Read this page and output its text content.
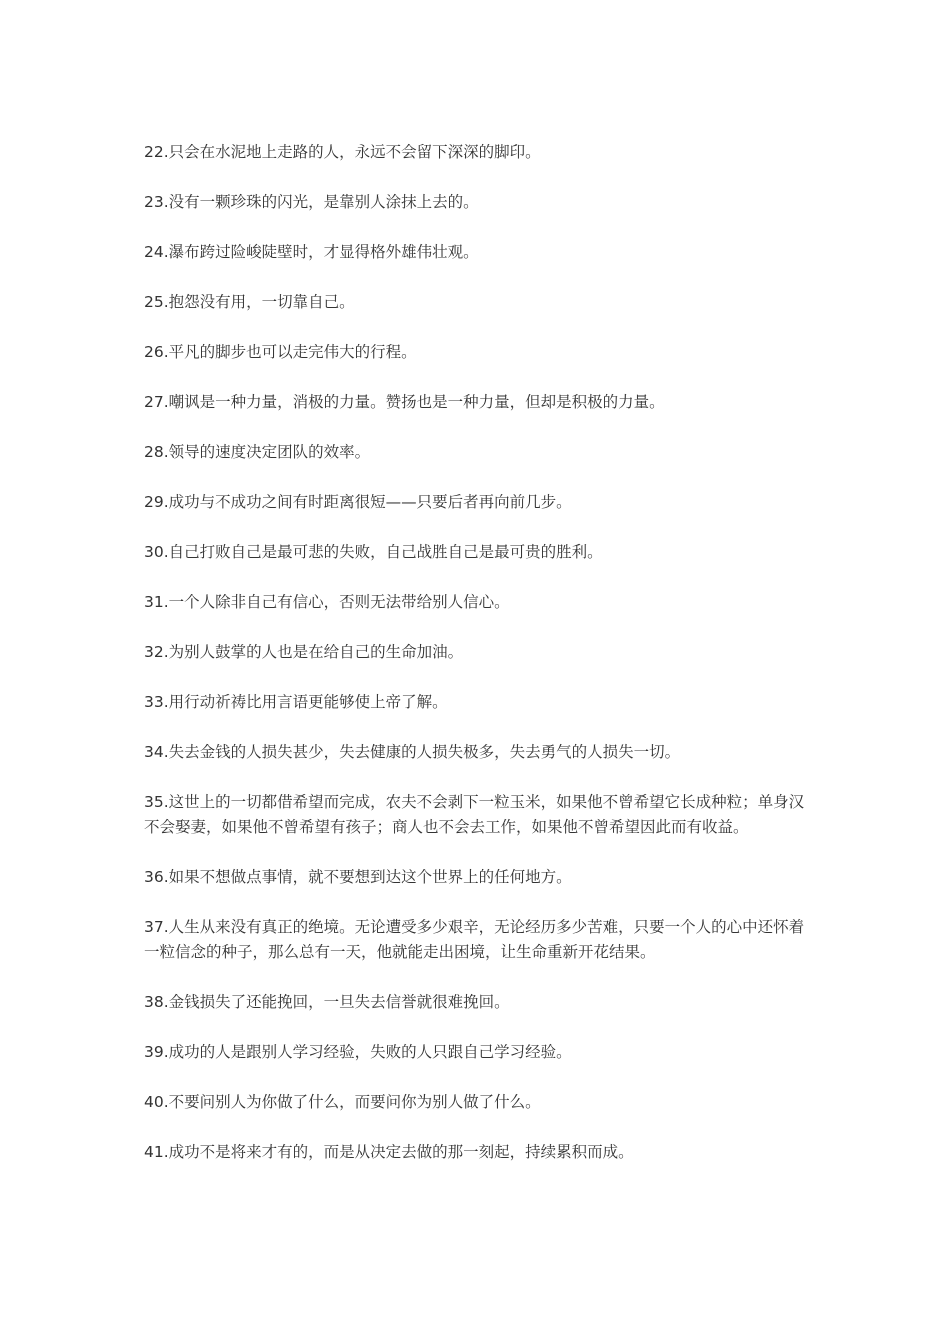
22.只会在水泥地上走路的人，永远不会留下深深的脚印。

23.没有一颗珍珠的闪光，是靠别人涂抹上去的。

24.瀑布跨过险峻陡壁时，才显得格外雄伟壮观。

25.抱怨没有用，一切靠自己。

26.平凡的脚步也可以走完伟大的行程。

27.嘲讽是一种力量，消极的力量。赞扬也是一种力量，但却是积极的力量。

28.领导的速度决定团队的效率。

29.成功与不成功之间有时距离很短——只要后者再向前几步。

30.自己打败自己是最可悲的失败，自己战胜自己是最可贵的胜利。

31.一个人除非自己有信心，否则无法带给别人信心。

32.为别人鼓掌的人也是在给自己的生命加油。

33.用行动祈祷比用言语更能够使上帝了解。

34.失去金钱的人损失甚少，失去健康的人损失极多，失去勇气的人损失一切。

35.这世上的一切都借希望而完成，农夫不会剥下一粒玉米，如果他不曾希望它长成种粒；单身汉不会娶妻，如果他不曾希望有孩子；商人也不会去工作，如果他不曾希望因此而有收益。

36.如果不想做点事情，就不要想到达这个世界上的任何地方。

37.人生从来没有真正的绝境。无论遭受多少艰辛，无论经历多少苦难，只要一个人的心中还怀着一粒信念的种子，那么总有一天，他就能走出困境，让生命重新开花结果。

38.金钱损失了还能挽回，一旦失去信誉就很难挽回。

39.成功的人是跟别人学习经验，失败的人只跟自己学习经验。

40.不要问别人为你做了什么，而要问你为别人做了什么。

41.成功不是将来才有的，而是从决定去做的那一刻起，持续累积而成。
